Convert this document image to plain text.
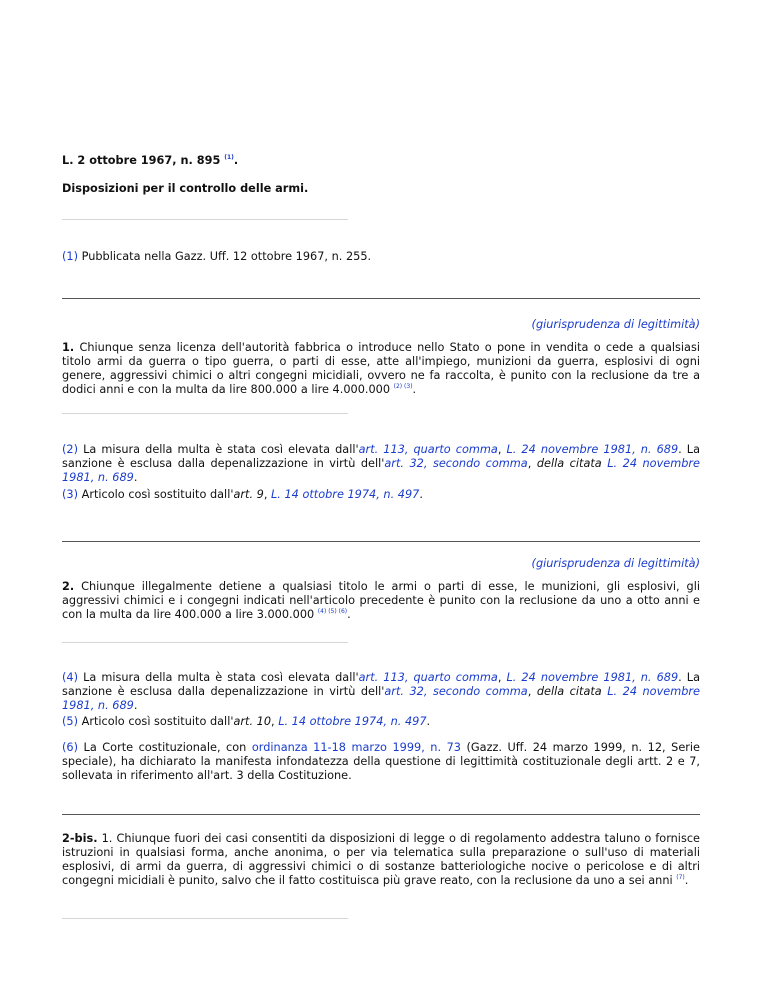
L. 2 ottobre 1967, n. 895 $^{(1)}$.
Disposizioni per il controllo delle armi.
(1) Pubblicata nella Gazz. Uff. 12 ottobre 1967, n. 255.
(giurisprudenza di legittimità)
1. Chiunque senza licenza dell'autorità fabbrica o introduce nello Stato o pone in vendita o cede a qualsiasi titolo armi da guerra o tipo guerra, o parti di esse, atte all'impiego, munizioni da guerra, esplosivi di ogni genere, aggressivi chimici o altri congegni micidiali, ovvero ne fa raccolta, è punito con la reclusione da tre a dodici anni e con la multa da lire 800.000 a lire 4.000.000 $^{(2) (3)}$.
(2) La misura della multa è stata così elevata dall'art. 113, quarto comma, L. 24 novembre 1981, n. 689. La sanzione è esclusa dalla depenalizzazione in virtù dell'art. 32, secondo comma, della citata L. 24 novembre 1981, n. 689.
(3) Articolo così sostituito dall'art. 9, L. 14 ottobre 1974, n. 497.
(giurisprudenza di legittimità)
2. Chiunque illegalmente detiene a qualsiasi titolo le armi o parti di esse, le munizioni, gli esplosivi, gli aggressivi chimici e i congegni indicati nell'articolo precedente è punito con la reclusione da uno a otto anni e con la multa da lire 400.000 a lire 3.000.000 $^{(4) (5) (6)}$.
(4) La misura della multa è stata così elevata dall'art. 113, quarto comma, L. 24 novembre 1981, n. 689. La sanzione è esclusa dalla depenalizzazione in virtù dell'art. 32, secondo comma, della citata L. 24 novembre 1981, n. 689.
(5) Articolo così sostituito dall'art. 10, L. 14 ottobre 1974, n. 497.
(6) La Corte costituzionale, con ordinanza 11-18 marzo 1999, n. 73 (Gazz. Uff. 24 marzo 1999, n. 12, Serie speciale), ha dichiarato la manifesta infondatezza della questione di legittimità costituzionale degli artt. 2 e 7, sollevata in riferimento all'art. 3 della Costituzione.
2-bis. 1. Chiunque fuori dei casi consentiti da disposizioni di legge o di regolamento addestra taluno o fornisce istruzioni in qualsiasi forma, anche anonima, o per via telematica sulla preparazione o sull'uso di materiali esplosivi, di armi da guerra, di aggressivi chimici o di sostanze batteriologiche nocive o pericolose e di altri congegni micidiali è punito, salvo che il fatto costituisca più grave reato, con la reclusione da uno a sei anni $^{(7)}$.
